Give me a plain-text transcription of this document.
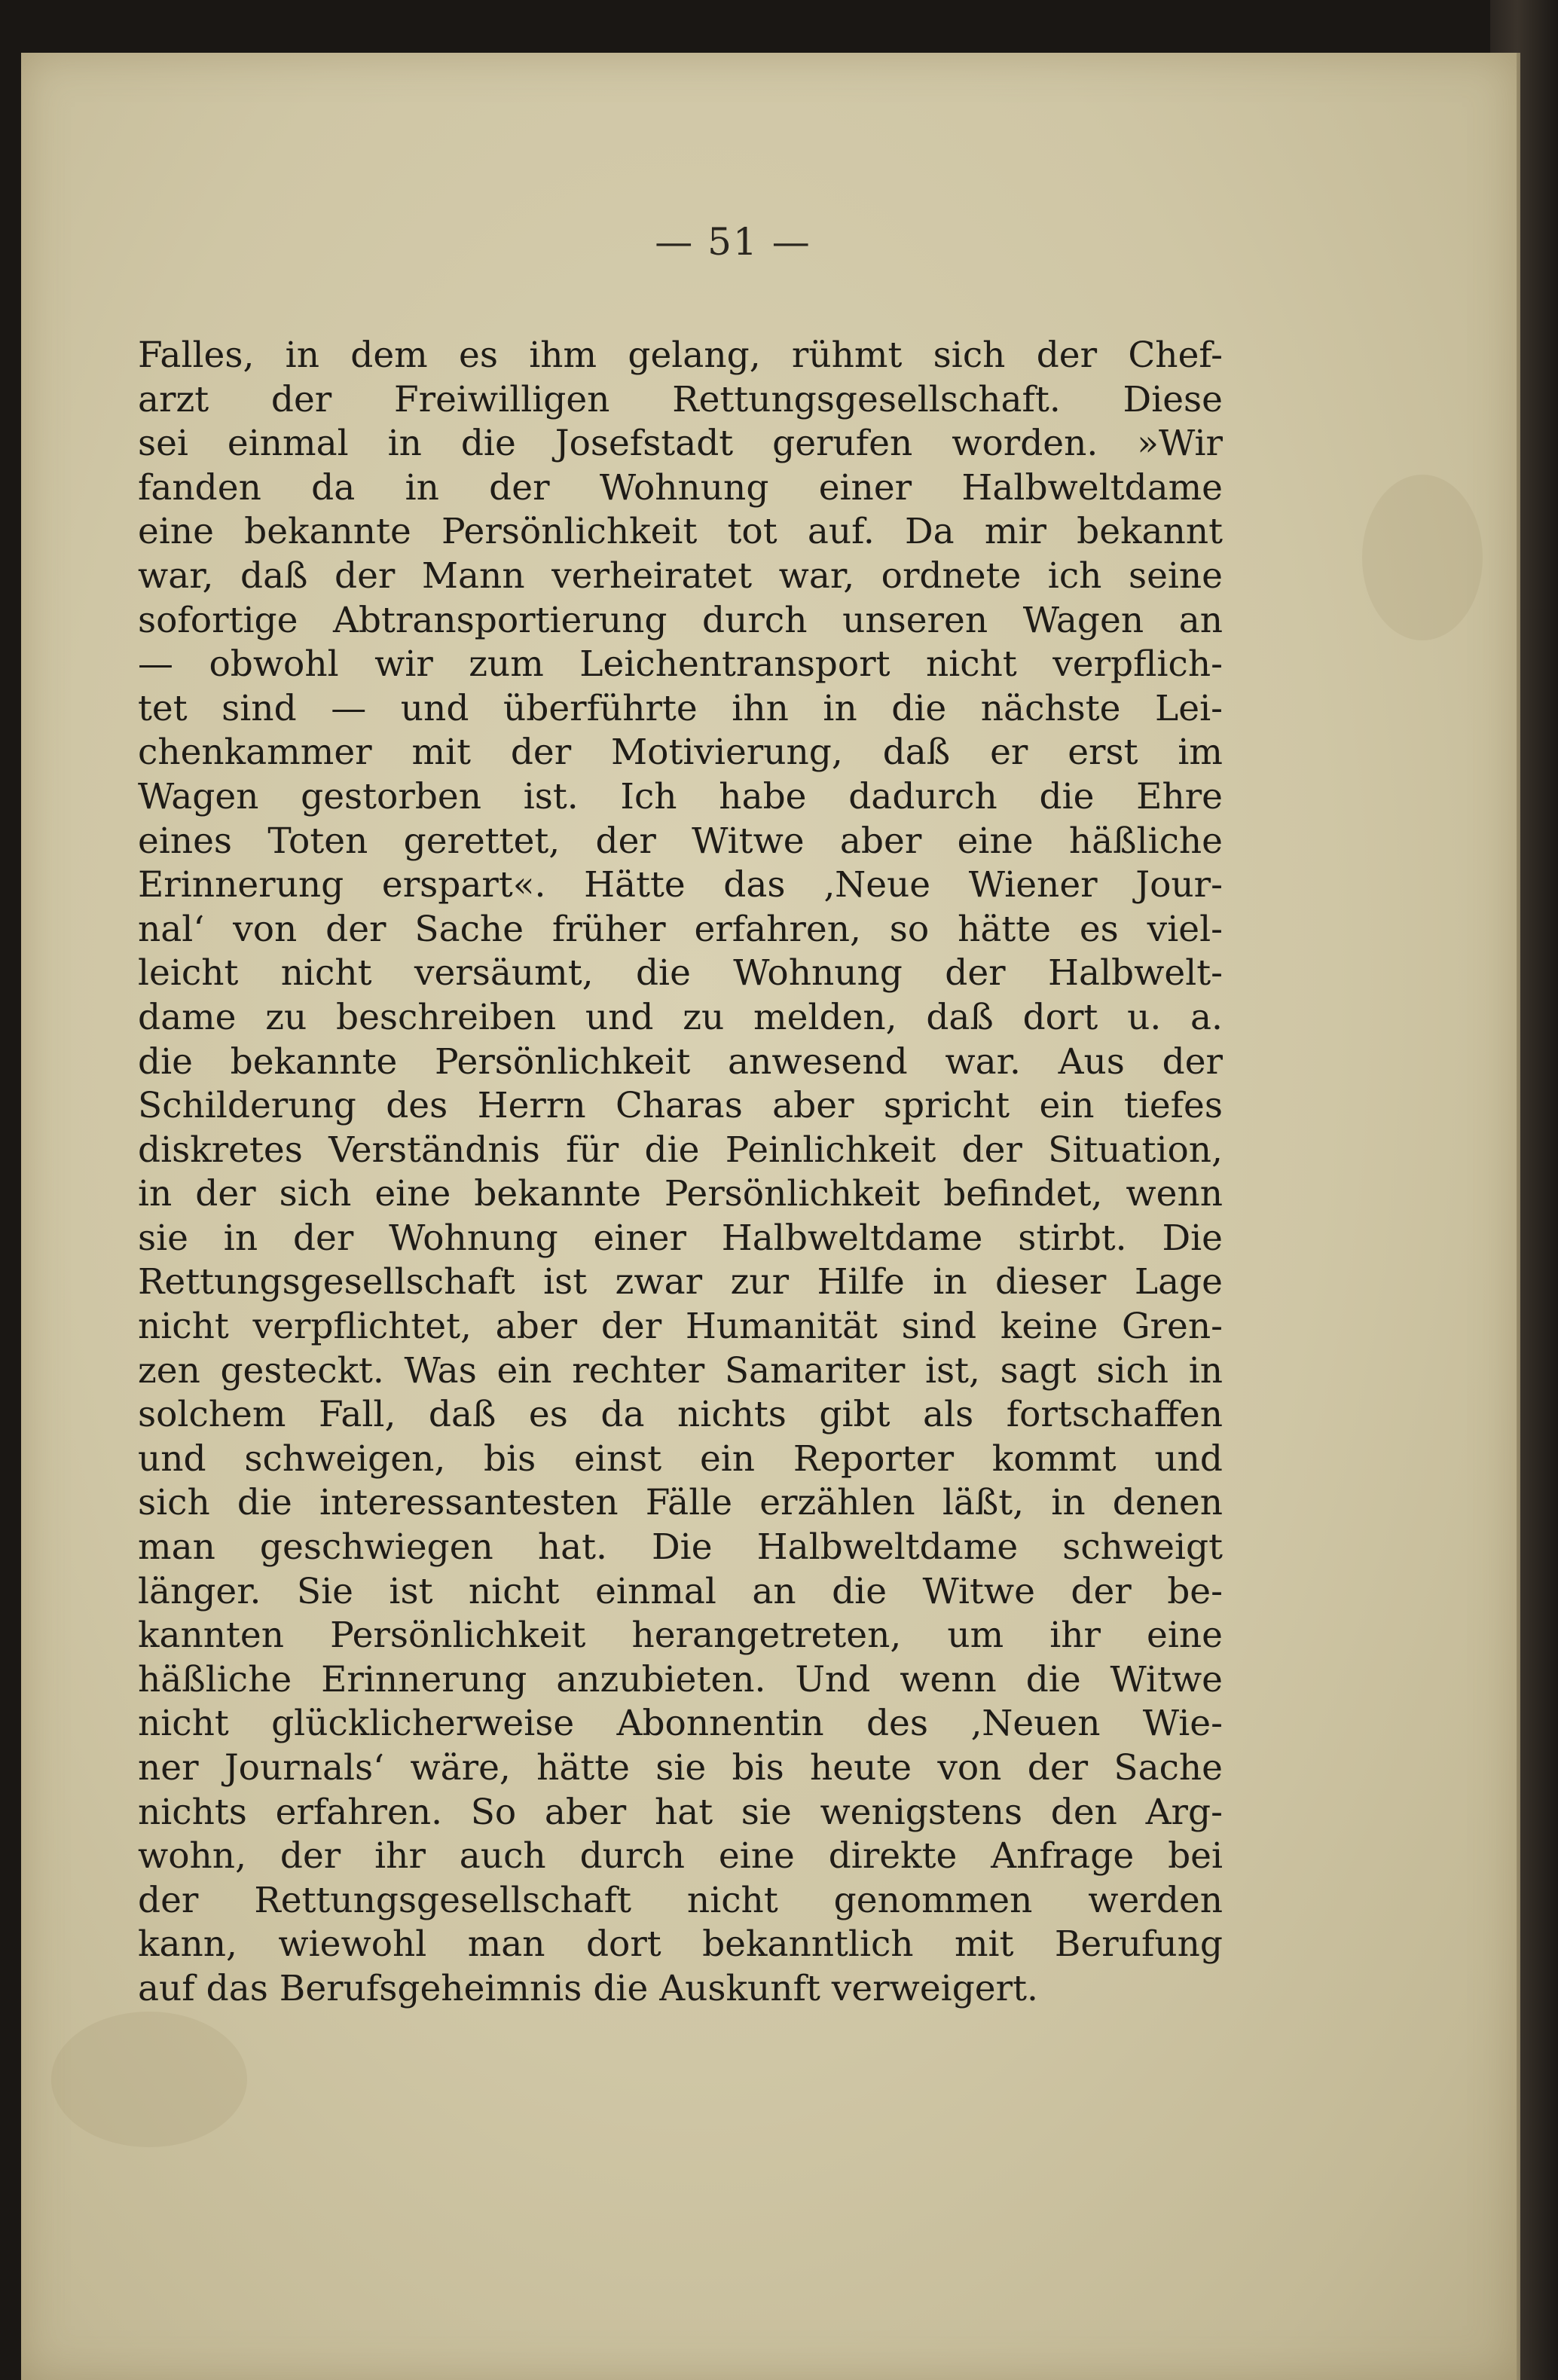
— 51 —
Falles, in dem es ihm gelang, rühmt sich der Chef-
arzt der Freiwilligen Rettungsgesellschaft. Diese
sei einmal in die Josefstadt gerufen worden. »Wir
fanden da in der Wohnung einer Halbweltdame
eine bekannte Persönlichkeit tot auf. Da mir bekannt
war, daß der Mann verheiratet war, ordnete ich seine
sofortige Abtransportierung durch unseren Wagen an
— obwohl wir zum Leichentransport nicht verpflich-
tet sind — und überführte ihn in die nächste Lei-
chenkammer mit der Motivierung, daß er erst im
Wagen gestorben ist. Ich habe dadurch die Ehre
eines Toten gerettet, der Witwe aber eine häßliche
Erinnerung erspart«. Hätte das ‚Neue Wiener Jour-
nal‘ von der Sache früher erfahren, so hätte es viel-
leicht nicht versäumt, die Wohnung der Halbwelt-
dame zu beschreiben und zu melden, daß dort u. a.
die bekannte Persönlichkeit anwesend war. Aus der
Schilderung des Herrn Charas aber spricht ein tiefes
diskretes Verständnis für die Peinlichkeit der Situation,
in der sich eine bekannte Persönlichkeit befindet, wenn
sie in der Wohnung einer Halbweltdame stirbt. Die
Rettungsgesellschaft ist zwar zur Hilfe in dieser Lage
nicht verpflichtet, aber der Humanität sind keine Gren-
zen gesteckt. Was ein rechter Samariter ist, sagt sich in
solchem Fall, daß es da nichts gibt als fortschaffen
und schweigen, bis einst ein Reporter kommt und
sich die interessantesten Fälle erzählen läßt, in denen
man geschwiegen hat. Die Halbweltdame schweigt
länger. Sie ist nicht einmal an die Witwe der be-
kannten Persönlichkeit herangetreten, um ihr eine
häßliche Erinnerung anzubieten. Und wenn die Witwe
nicht glücklicherweise Abonnentin des ‚Neuen Wie-
ner Journals‘ wäre, hätte sie bis heute von der Sache
nichts erfahren. So aber hat sie wenigstens den Arg-
wohn, der ihr auch durch eine direkte Anfrage bei
der Rettungsgesellschaft nicht genommen werden
kann, wiewohl man dort bekanntlich mit Berufung
auf das Berufsgeheimnis die Auskunft verweigert.
